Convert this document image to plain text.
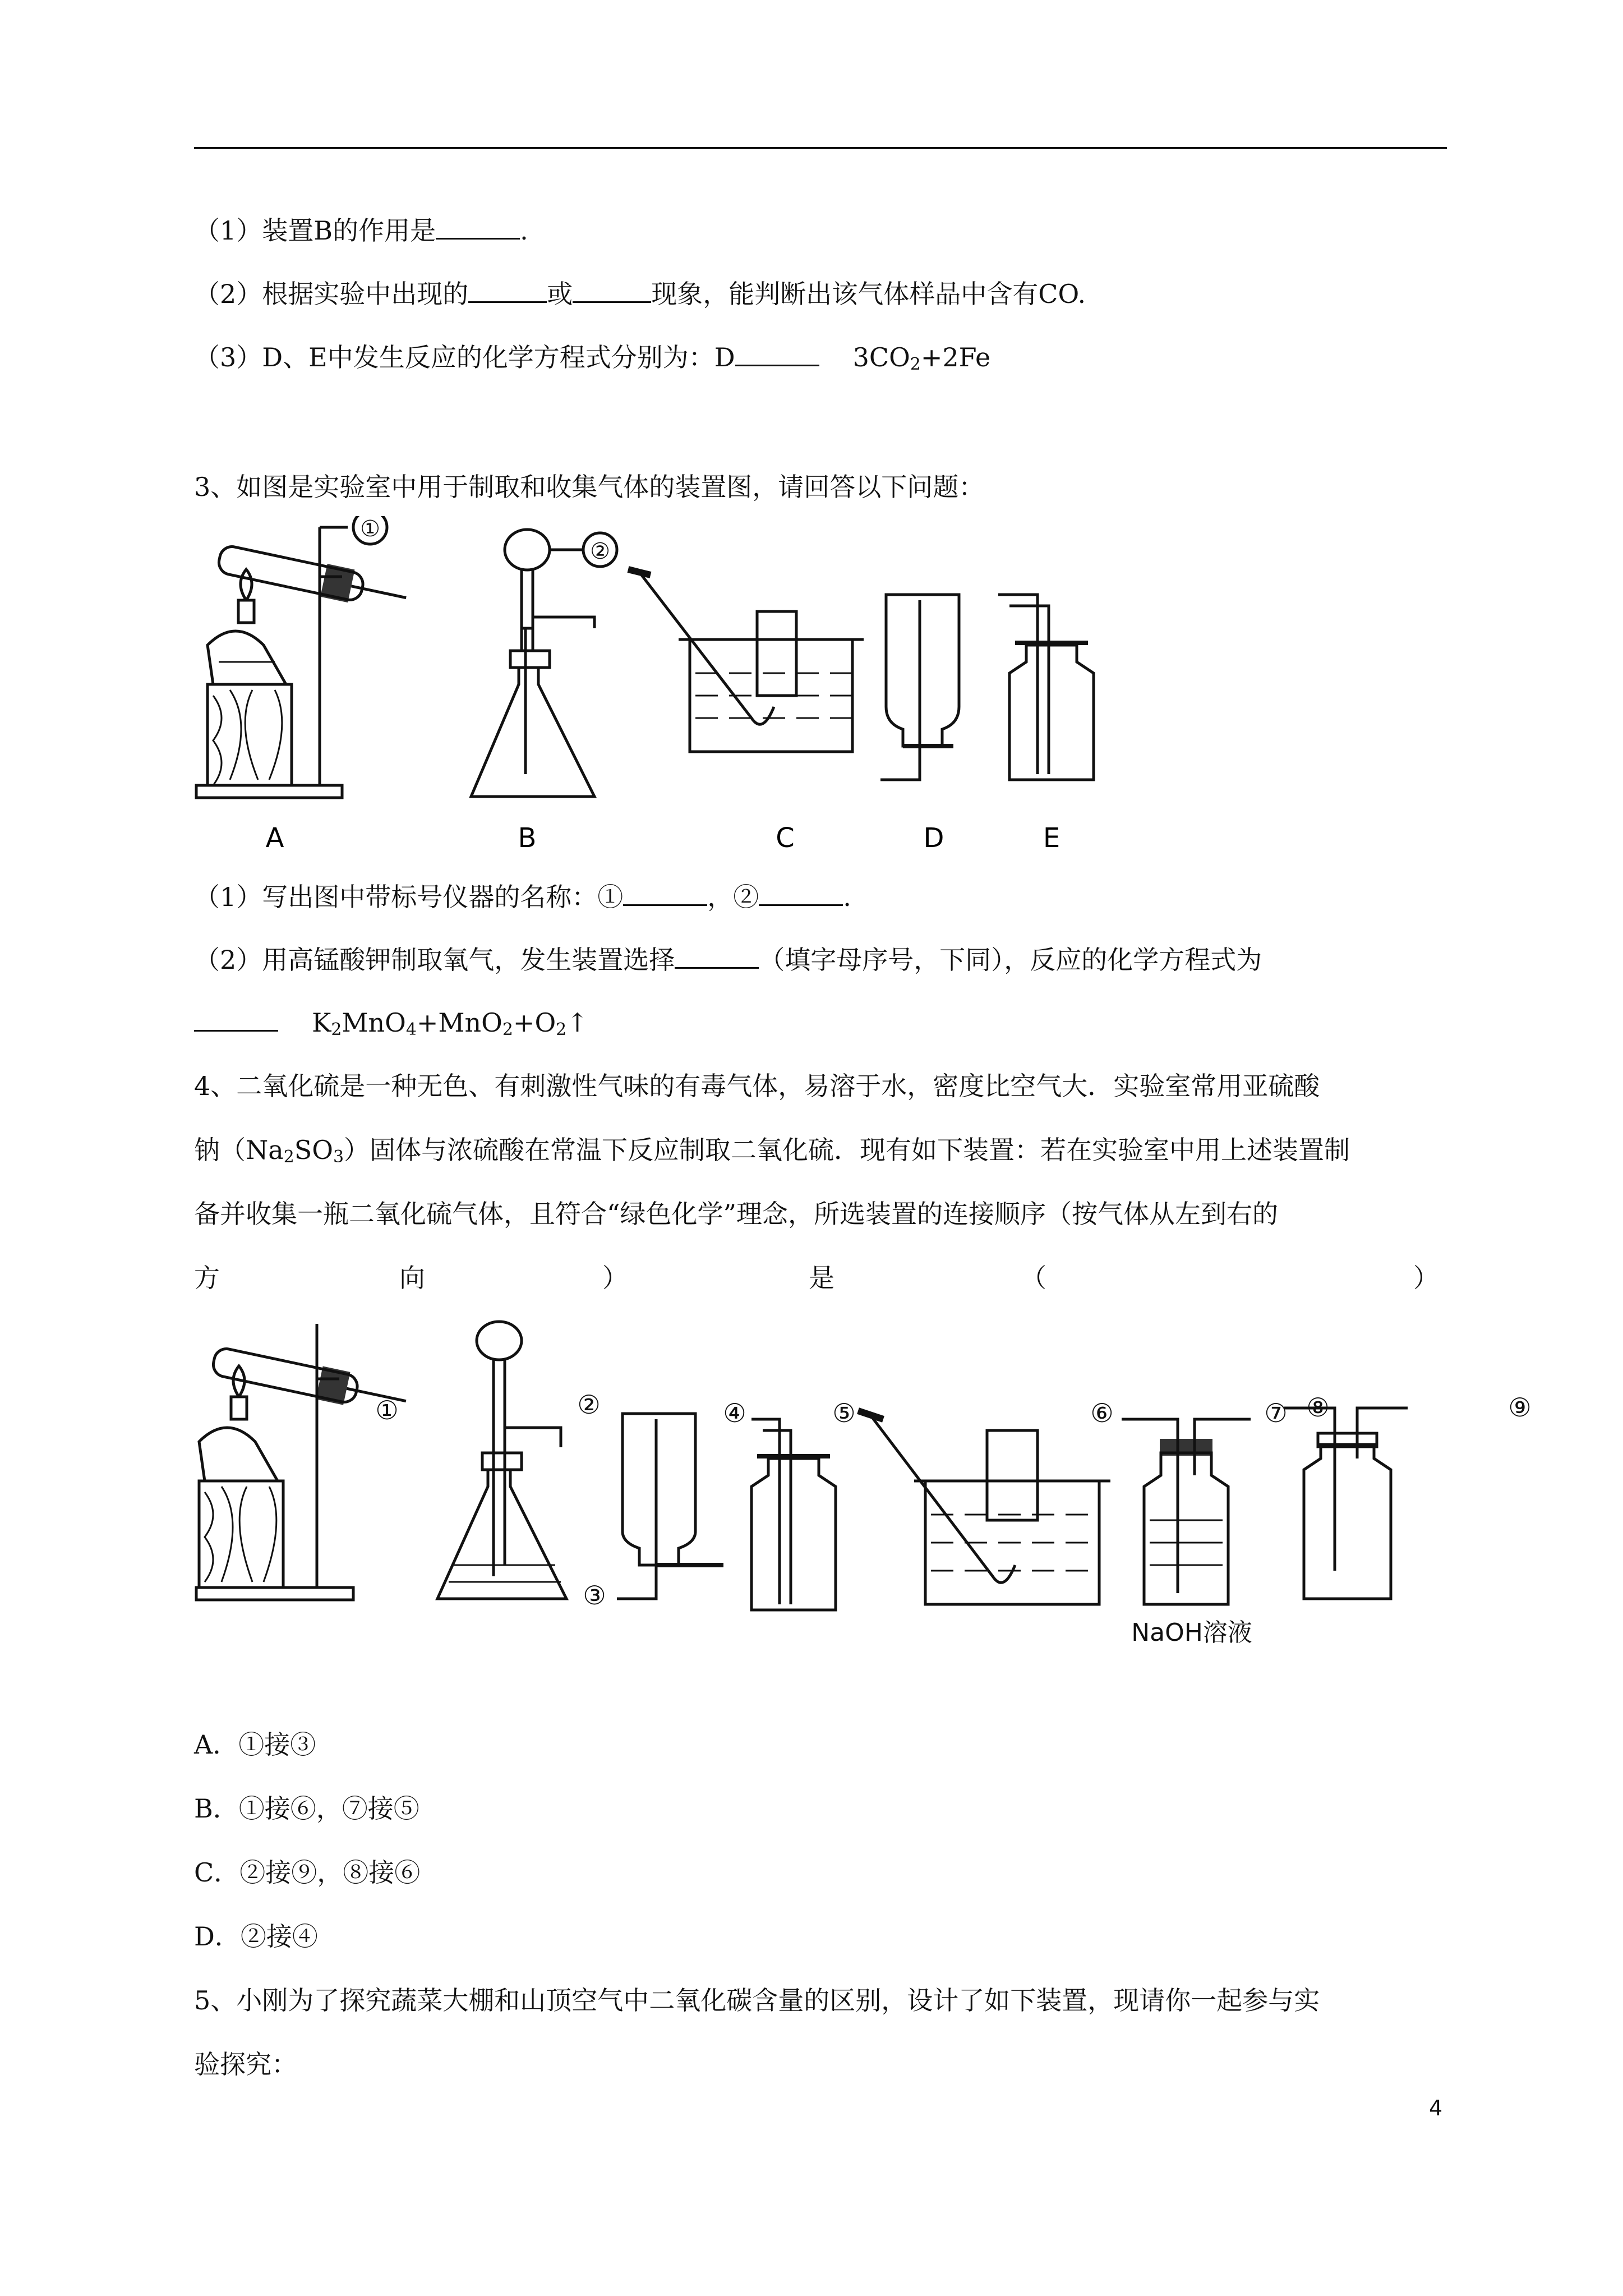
（1）装置B的作用是	.
（2）根据实验中出现的	或	现象，能判断出该气体样品中含有CO.
（3）D、E中发生反应的化学方程式分别为：D	$3CO_2+2Fe$
3、如图是实验室中用于制取和收集气体的装置图，请回答以下问题：
①
②
A	B	C	D	E
（1）写出图中带标号仪器的名称：①	，②	.
（2）用高锰酸钾制取氧气，发生装置选择	（填字母序号，下同），反应的化学方程式为
$K_2MnO_4+MnO_2+O_2↑$
4、二氧化硫是一种无色、有刺激性气味的有毒气体，易溶于水，密度比空气大．实验室常用亚硫酸
钠$(Na_2SO_3)$固体与浓硫酸在常温下反应制取二氧化硫．现有如下装置：若在实验室中用上述装置制
备并收集一瓶二氧化硫气体，且符合“绿色化学”理念，所选装置的连接顺序（按气体从左到右的
方	向	）	是	（	）
①	②
③
④	⑤	⑥	⑦ ⑧	⑨
NaOH溶液
A．①接③
B．①接⑥，⑦接⑤
C．②接⑨，⑧接⑥
D．②接④
5、小刚为了探究蔬菜大棚和山顶空气中二氧化碳含量的区别，设计了如下装置，现请你一起参与实
验探究：
4
